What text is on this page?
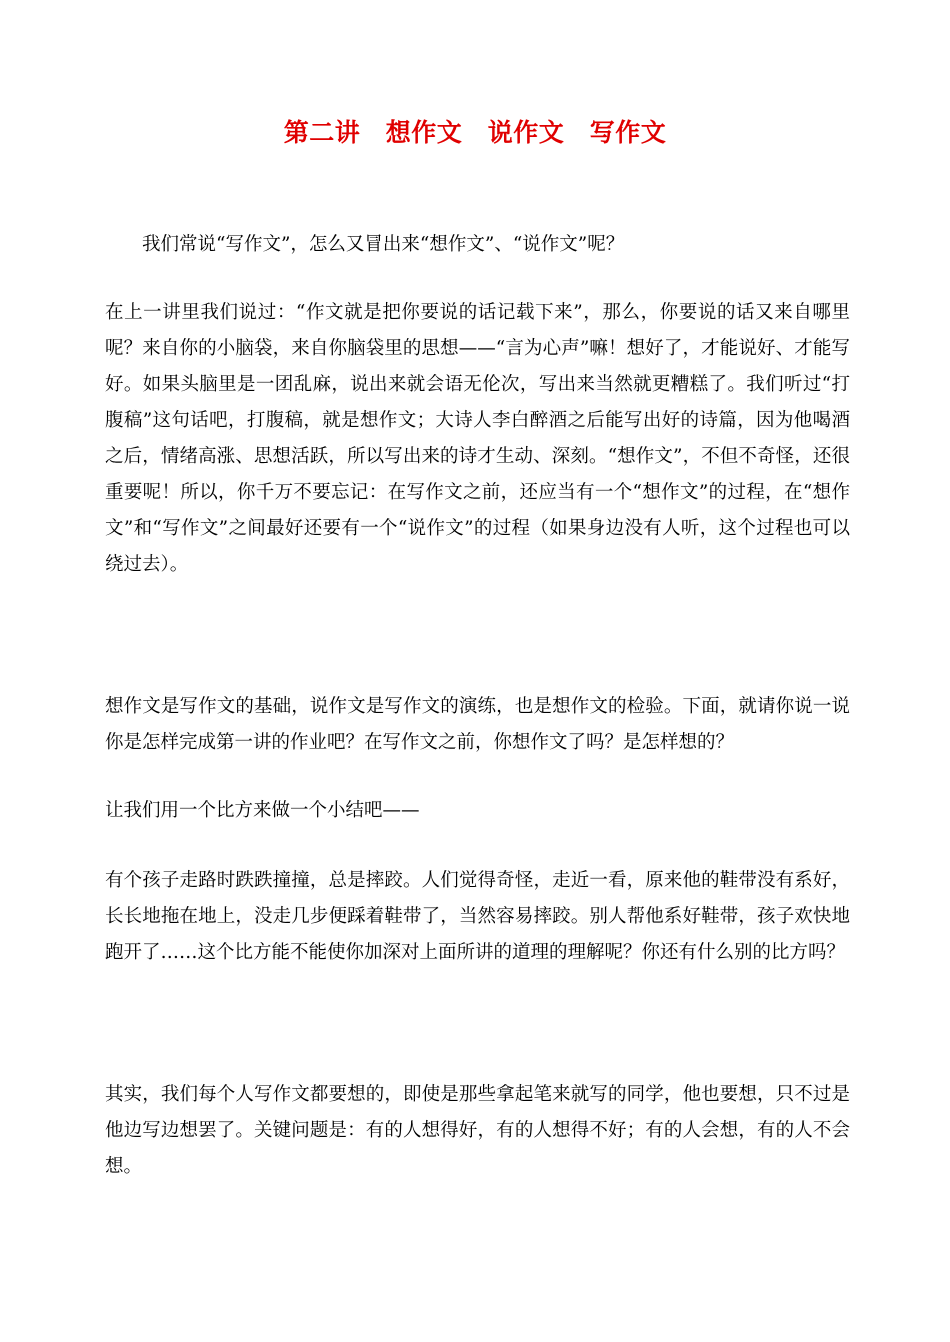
第二讲　想作文　说作文　写作文

我们常说“写作文”，怎么又冒出来“想作文”、“说作文”呢？

在上一讲里我们说过：“作文就是把你要说的话记载下来”，那么，你要说的话又来自哪里呢？来自你的小脑袋，来自你脑袋里的思想——“言为心声”嘛！想好了，才能说好、才能写好。如果头脑里是一团乱麻，说出来就会语无伦次，写出来当然就更糟糕了。我们听过“打腹稿”这句话吧，打腹稿，就是想作文；大诗人李白醉酒之后能写出好的诗篇，因为他喝酒之后，情绪高涨、思想活跃，所以写出来的诗才生动、深刻。“想作文”，不但不奇怪，还很重要呢！所以，你千万不要忘记：在写作文之前，还应当有一个“想作文”的过程，在“想作文”和“写作文”之间最好还要有一个“说作文”的过程（如果身边没有人听，这个过程也可以绕过去）。

想作文是写作文的基础，说作文是写作文的演练，也是想作文的检验。下面，就请你说一说你是怎样完成第一讲的作业吧？在写作文之前，你想作文了吗？是怎样想的？

让我们用一个比方来做一个小结吧——

有个孩子走路时跌跌撞撞，总是摔跤。人们觉得奇怪，走近一看，原来他的鞋带没有系好，长长地拖在地上，没走几步便踩着鞋带了，当然容易摔跤。别人帮他系好鞋带，孩子欢快地跑开了……这个比方能不能使你加深对上面所讲的道理的理解呢？你还有什么别的比方吗？

其实，我们每个人写作文都要想的，即使是那些拿起笔来就写的同学，他也要想，只不过是他边写边想罢了。关键问题是：有的人想得好，有的人想得不好；有的人会想，有的人不会想。
